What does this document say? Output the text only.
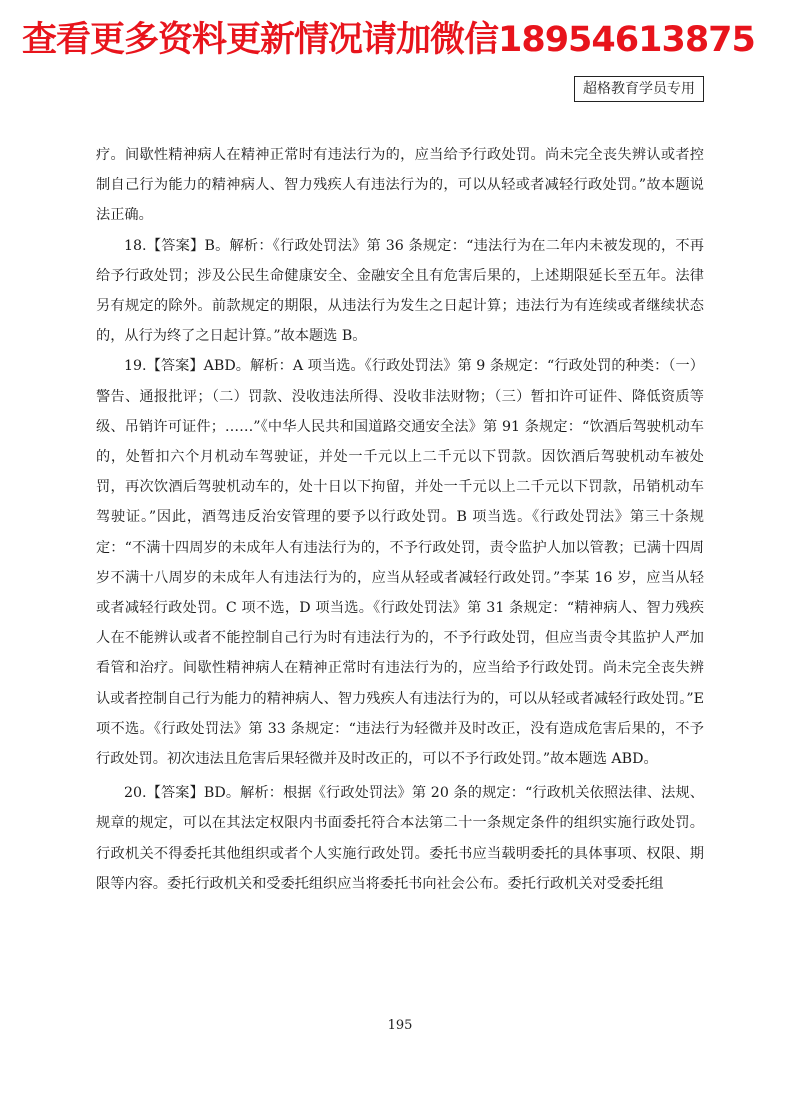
查看更多资料更新情况请加微信18954613875
超格教育学员专用

疗。间歇性精神病人在精神正常时有违法行为的，应当给予行政处罚。尚未完全丧失辨认或者控制自己行为能力的精神病人、智力残疾人有违法行为的，可以从轻或者减轻行政处罚。”故本题说法正确。

18.【答案】B。解析：《行政处罚法》第 36 条规定：“违法行为在二年内未被发现的，不再给予行政处罚；涉及公民生命健康安全、金融安全且有危害后果的，上述期限延长至五年。法律另有规定的除外。前款规定的期限，从违法行为发生之日起计算；违法行为有连续或者继续状态的，从行为终了之日起计算。”故本题选 B。

19.【答案】ABD。解析：A 项当选。《行政处罚法》第 9 条规定：“行政处罚的种类：（一）警告、通报批评；（二）罚款、没收违法所得、没收非法财物；（三）暂扣许可证件、降低资质等级、吊销许可证件；……”《中华人民共和国道路交通安全法》第 91 条规定：“饮酒后驾驶机动车的，处暂扣六个月机动车驾驶证，并处一千元以上二千元以下罚款。因饮酒后驾驶机动车被处罚，再次饮酒后驾驶机动车的，处十日以下拘留，并处一千元以上二千元以下罚款，吊销机动车驾驶证。”因此，酒驾违反治安管理的要予以行政处罚。B 项当选。《行政处罚法》第三十条规定：“不满十四周岁的未成年人有违法行为的，不予行政处罚，责令监护人加以管教；已满十四周岁不满十八周岁的未成年人有违法行为的，应当从轻或者减轻行政处罚。”李某 16 岁，应当从轻或者减轻行政处罚。C 项不选，D 项当选。《行政处罚法》第 31 条规定：“精神病人、智力残疾人在不能辨认或者不能控制自己行为时有违法行为的，不予行政处罚，但应当责令其监护人严加看管和治疗。间歇性精神病人在精神正常时有违法行为的，应当给予行政处罚。尚未完全丧失辨认或者控制自己行为能力的精神病人、智力残疾人有违法行为的，可以从轻或者减轻行政处罚。”E 项不选。《行政处罚法》第 33 条规定：“违法行为轻微并及时改正，没有造成危害后果的，不予行政处罚。初次违法且危害后果轻微并及时改正的，可以不予行政处罚。”故本题选 ABD。

20.【答案】BD。解析：根据《行政处罚法》第 20 条的规定：“行政机关依照法律、法规、规章的规定，可以在其法定权限内书面委托符合本法第二十一条规定条件的组织实施行政处罚。行政机关不得委托其他组织或者个人实施行政处罚。委托书应当载明委托的具体事项、权限、期限等内容。委托行政机关和受委托组织应当将委托书向社会公布。委托行政机关对受委托组

195
